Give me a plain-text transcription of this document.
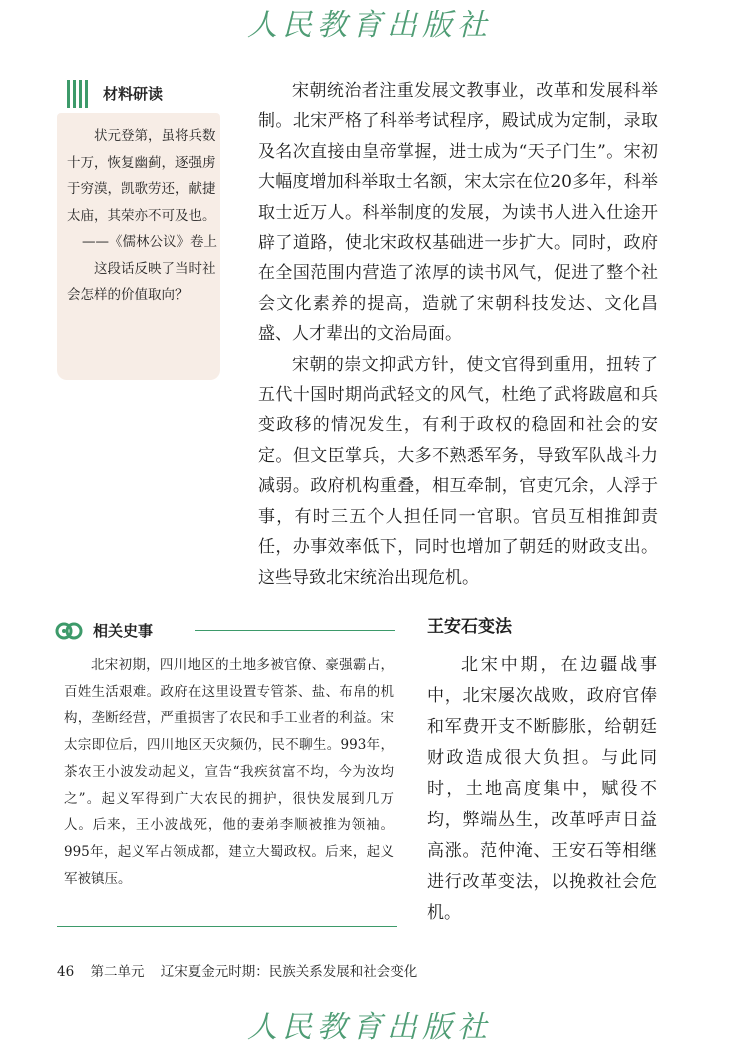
人民教育出版社
材料研读

状元登第，虽将兵数十万，恢复幽蓟，逐强虏于穷漠，凯歌劳还，献捷太庙，其荣亦不可及也。

——《儒林公议》卷上

这段话反映了当时社会怎样的价值取向？

宋朝统治者注重发展文教事业，改革和发展科举制。北宋严格了科举考试程序，殿试成为定制，录取及名次直接由皇帝掌握，进士成为“天子门生”。宋初大幅度增加科举取士名额，宋太宗在位20多年，科举取士近万人。科举制度的发展，为读书人进入仕途开辟了道路，使北宋政权基础进一步扩大。同时，政府在全国范围内营造了浓厚的读书风气，促进了整个社会文化素养的提高，造就了宋朝科技发达、文化昌盛、人才辈出的文治局面。

宋朝的崇文抑武方针，使文官得到重用，扭转了五代十国时期尚武轻文的风气，杜绝了武将跋扈和兵变政移的情况发生，有利于政权的稳固和社会的安定。但文臣掌兵，大多不熟悉军务，导致军队战斗力减弱。政府机构重叠，相互牵制，官吏冗余，人浮于事，有时三五个人担任同一官职。官员互相推卸责任，办事效率低下，同时也增加了朝廷的财政支出。这些导致北宋统治出现危机。

相关史事

北宋初期，四川地区的土地多被官僚、豪强霸占，百姓生活艰难。政府在这里设置专管茶、盐、布帛的机构，垄断经营，严重损害了农民和手工业者的利益。宋太宗即位后，四川地区天灾频仍，民不聊生。993年，茶农王小波发动起义，宣告“我疾贫富不均，今为汝均之”。起义军得到广大农民的拥护，很快发展到几万人。后来，王小波战死，他的妻弟李顺被推为领袖。995年，起义军占领成都，建立大蜀政权。后来，起义军被镇压。

王安石变法

北宋中期，在边疆战事中，北宋屡次战败，政府官俸和军费开支不断膨胀，给朝廷财政造成很大负担。与此同时，土地高度集中，赋役不均，弊端丛生，改革呼声日益高涨。范仲淹、王安石等相继进行改革变法，以挽救社会危机。

46 第二单元 辽宋夏金元时期：民族关系发展和社会变化
人民教育出版社
